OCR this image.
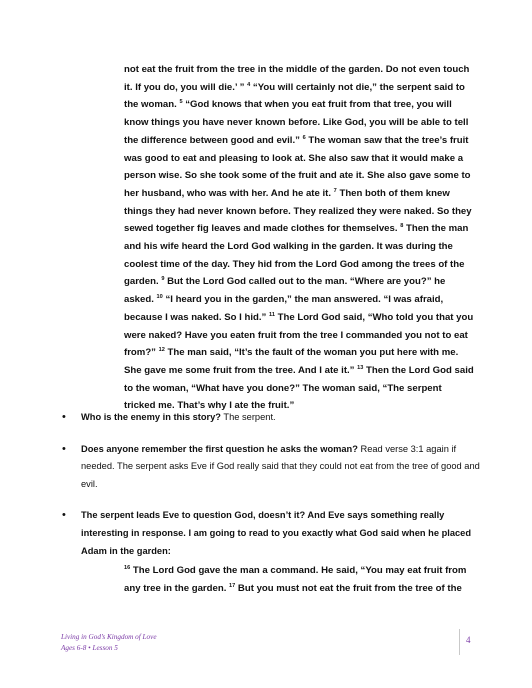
not eat the fruit from the tree in the middle of the garden. Do not even touch it. If you do, you will die.’ ” $^4$ “You will certainly not die,” the serpent said to the woman. $^5$ “God knows that when you eat fruit from that tree, you will know things you have never known before. Like God, you will be able to tell the difference between good and evil.” $^6$ The woman saw that the tree’s fruit was good to eat and pleasing to look at. She also saw that it would make a person wise. So she took some of the fruit and ate it. She also gave some to her husband, who was with her. And he ate it. $^7$ Then both of them knew things they had never known before. They realized they were naked. So they sewed together fig leaves and made clothes for themselves. $^8$ Then the man and his wife heard the Lord God walking in the garden. It was during the coolest time of the day. They hid from the Lord God among the trees of the garden. $^9$ But the Lord God called out to the man. “Where are you?” he asked. $^{10}$ “I heard you in the garden,” the man answered. “I was afraid, because I was naked. So I hid.” $^{11}$ The Lord God said, “Who told you that you were naked? Have you eaten fruit from the tree I commanded you not to eat from?” $^{12}$ The man said, “It’s the fault of the woman you put here with me. She gave me some fruit from the tree. And I ate it.” $^{13}$ Then the Lord God said to the woman, “What have you done?” The woman said, “The serpent tricked me. That’s why I ate the fruit.”

• Who is the enemy in this story? The serpent.
• Does anyone remember the first question he asks the woman? Read verse 3:1 again if needed. The serpent asks Eve if God really said that they could not eat from the tree of good and evil.
• The serpent leads Eve to question God, doesn’t it? And Eve says something really interesting in response. I am going to read to you exactly what God said when he placed Adam in the garden:

$^{16}$ The Lord God gave the man a command. He said, “You may eat fruit from any tree in the garden. $^{17}$ But you must not eat the fruit from the tree of the

Living in God’s Kingdom of Love
Ages 6-8 • Lesson 5
4
